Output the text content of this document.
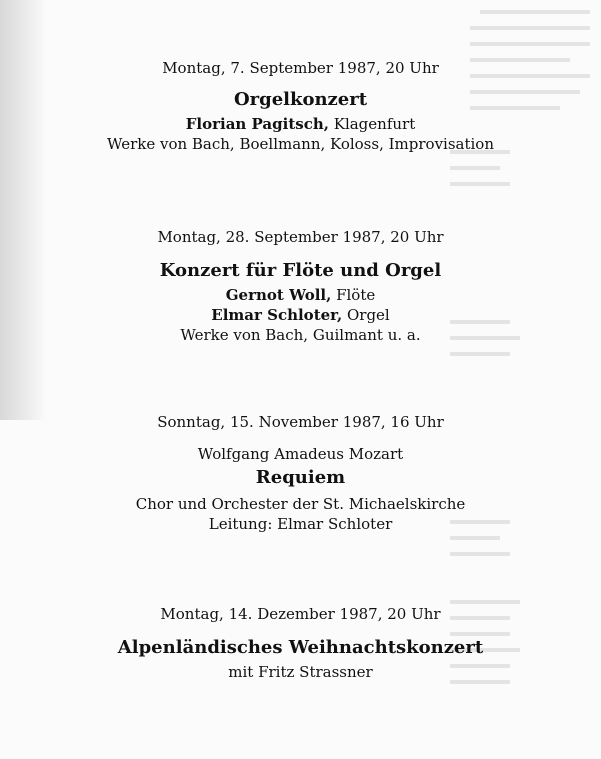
Montag, 7. September 1987, 20 Uhr
Orgelkonzert
Florian Pagitsch, Klagenfurt
Werke von Bach, Boellmann, Koloss, Improvisation
Montag, 28. September 1987, 20 Uhr
Konzert für Flöte und Orgel
Gernot Woll, Flöte
Elmar Schloter, Orgel
Werke von Bach, Guilmant u. a.
Sonntag, 15. November 1987, 16 Uhr
Wolfgang Amadeus Mozart
Requiem
Chor und Orchester der St. Michaelskirche
Leitung: Elmar Schloter
Montag, 14. Dezember 1987, 20 Uhr
Alpenländisches Weihnachtskonzert
mit Fritz Strassner
